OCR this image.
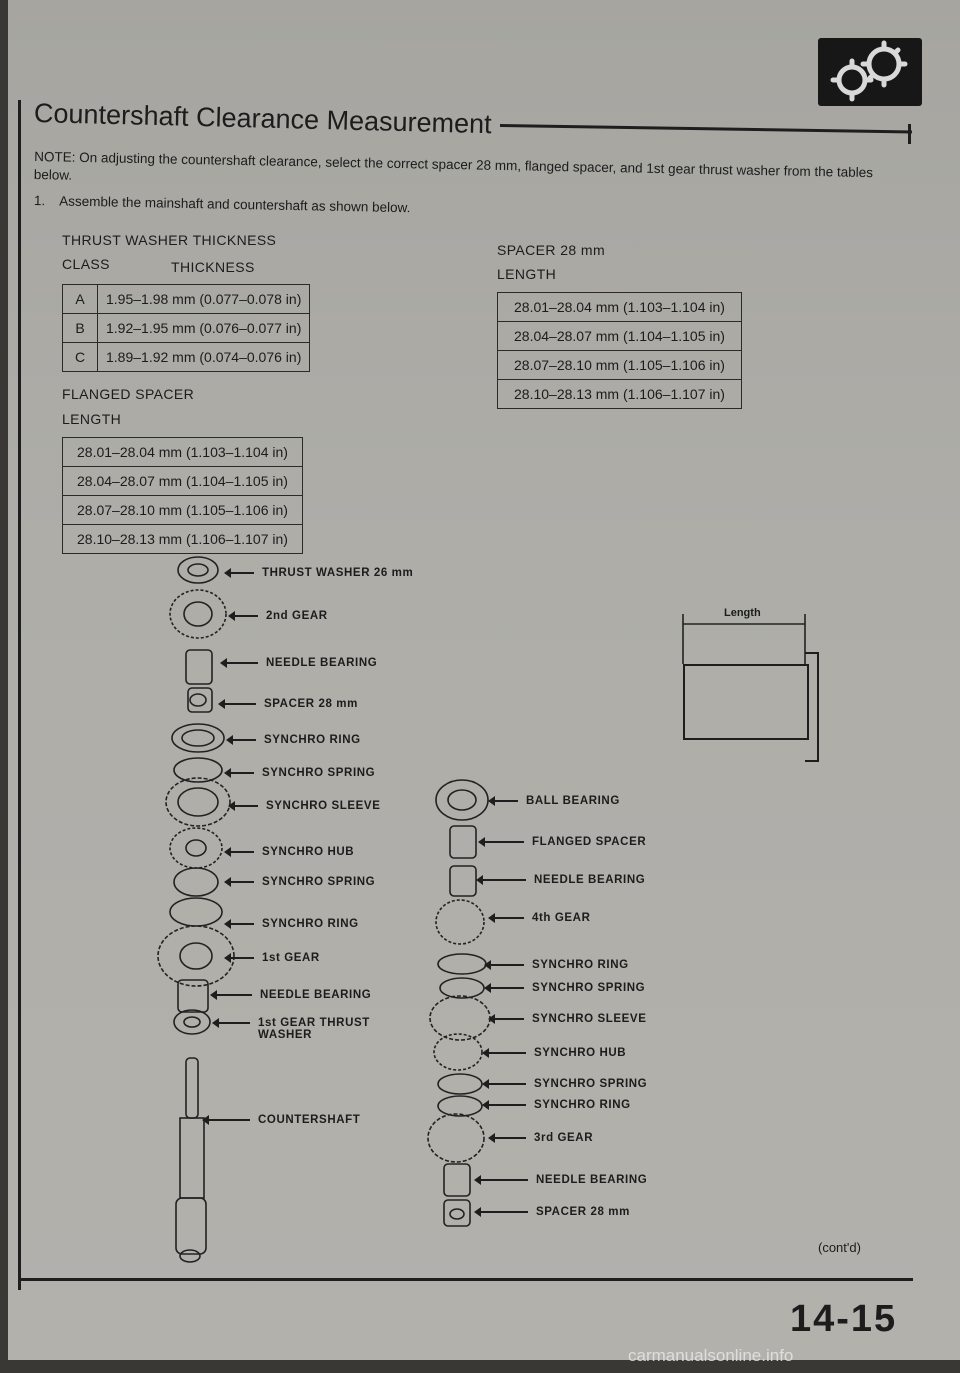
Countershaft Clearance Measurement
NOTE: On adjusting the countershaft clearance, select the correct spacer 28 mm, flanged spacer, and 1st gear thrust washer from the tables below.
1. Assemble the mainshaft and countershaft as shown below.
THRUST WASHER THICKNESS
CLASS	THICKNESS
A	1.95–1.98 mm (0.077–0.078 in)
B	1.92–1.95 mm (0.076–0.077 in)
C	1.89–1.92 mm (0.074–0.076 in)
FLANGED SPACER
LENGTH
28.01–28.04 mm (1.103–1.104 in)
28.04–28.07 mm (1.104–1.105 in)
28.07–28.10 mm (1.105–1.106 in)
28.10–28.13 mm (1.106–1.107 in)
SPACER 28 mm
LENGTH
28.01–28.04 mm (1.103–1.104 in)
28.04–28.07 mm (1.104–1.105 in)
28.07–28.10 mm (1.105–1.106 in)
28.10–28.13 mm (1.106–1.107 in)
Length
THRUST WASHER 26 mm
2nd GEAR
NEEDLE BEARING
SPACER 28 mm
SYNCHRO RING
SYNCHRO SPRING
SYNCHRO SLEEVE
SYNCHRO HUB
SYNCHRO SPRING
SYNCHRO RING
1st GEAR
NEEDLE BEARING
1st GEAR THRUST WASHER
COUNTERSHAFT
BALL BEARING
FLANGED SPACER
NEEDLE BEARING
4th GEAR
SYNCHRO RING
SYNCHRO SPRING
SYNCHRO SLEEVE
SYNCHRO HUB
SYNCHRO SPRING
SYNCHRO RING
3rd GEAR
NEEDLE BEARING
SPACER 28 mm
(cont'd)
14-15
carmanualsonline.info
